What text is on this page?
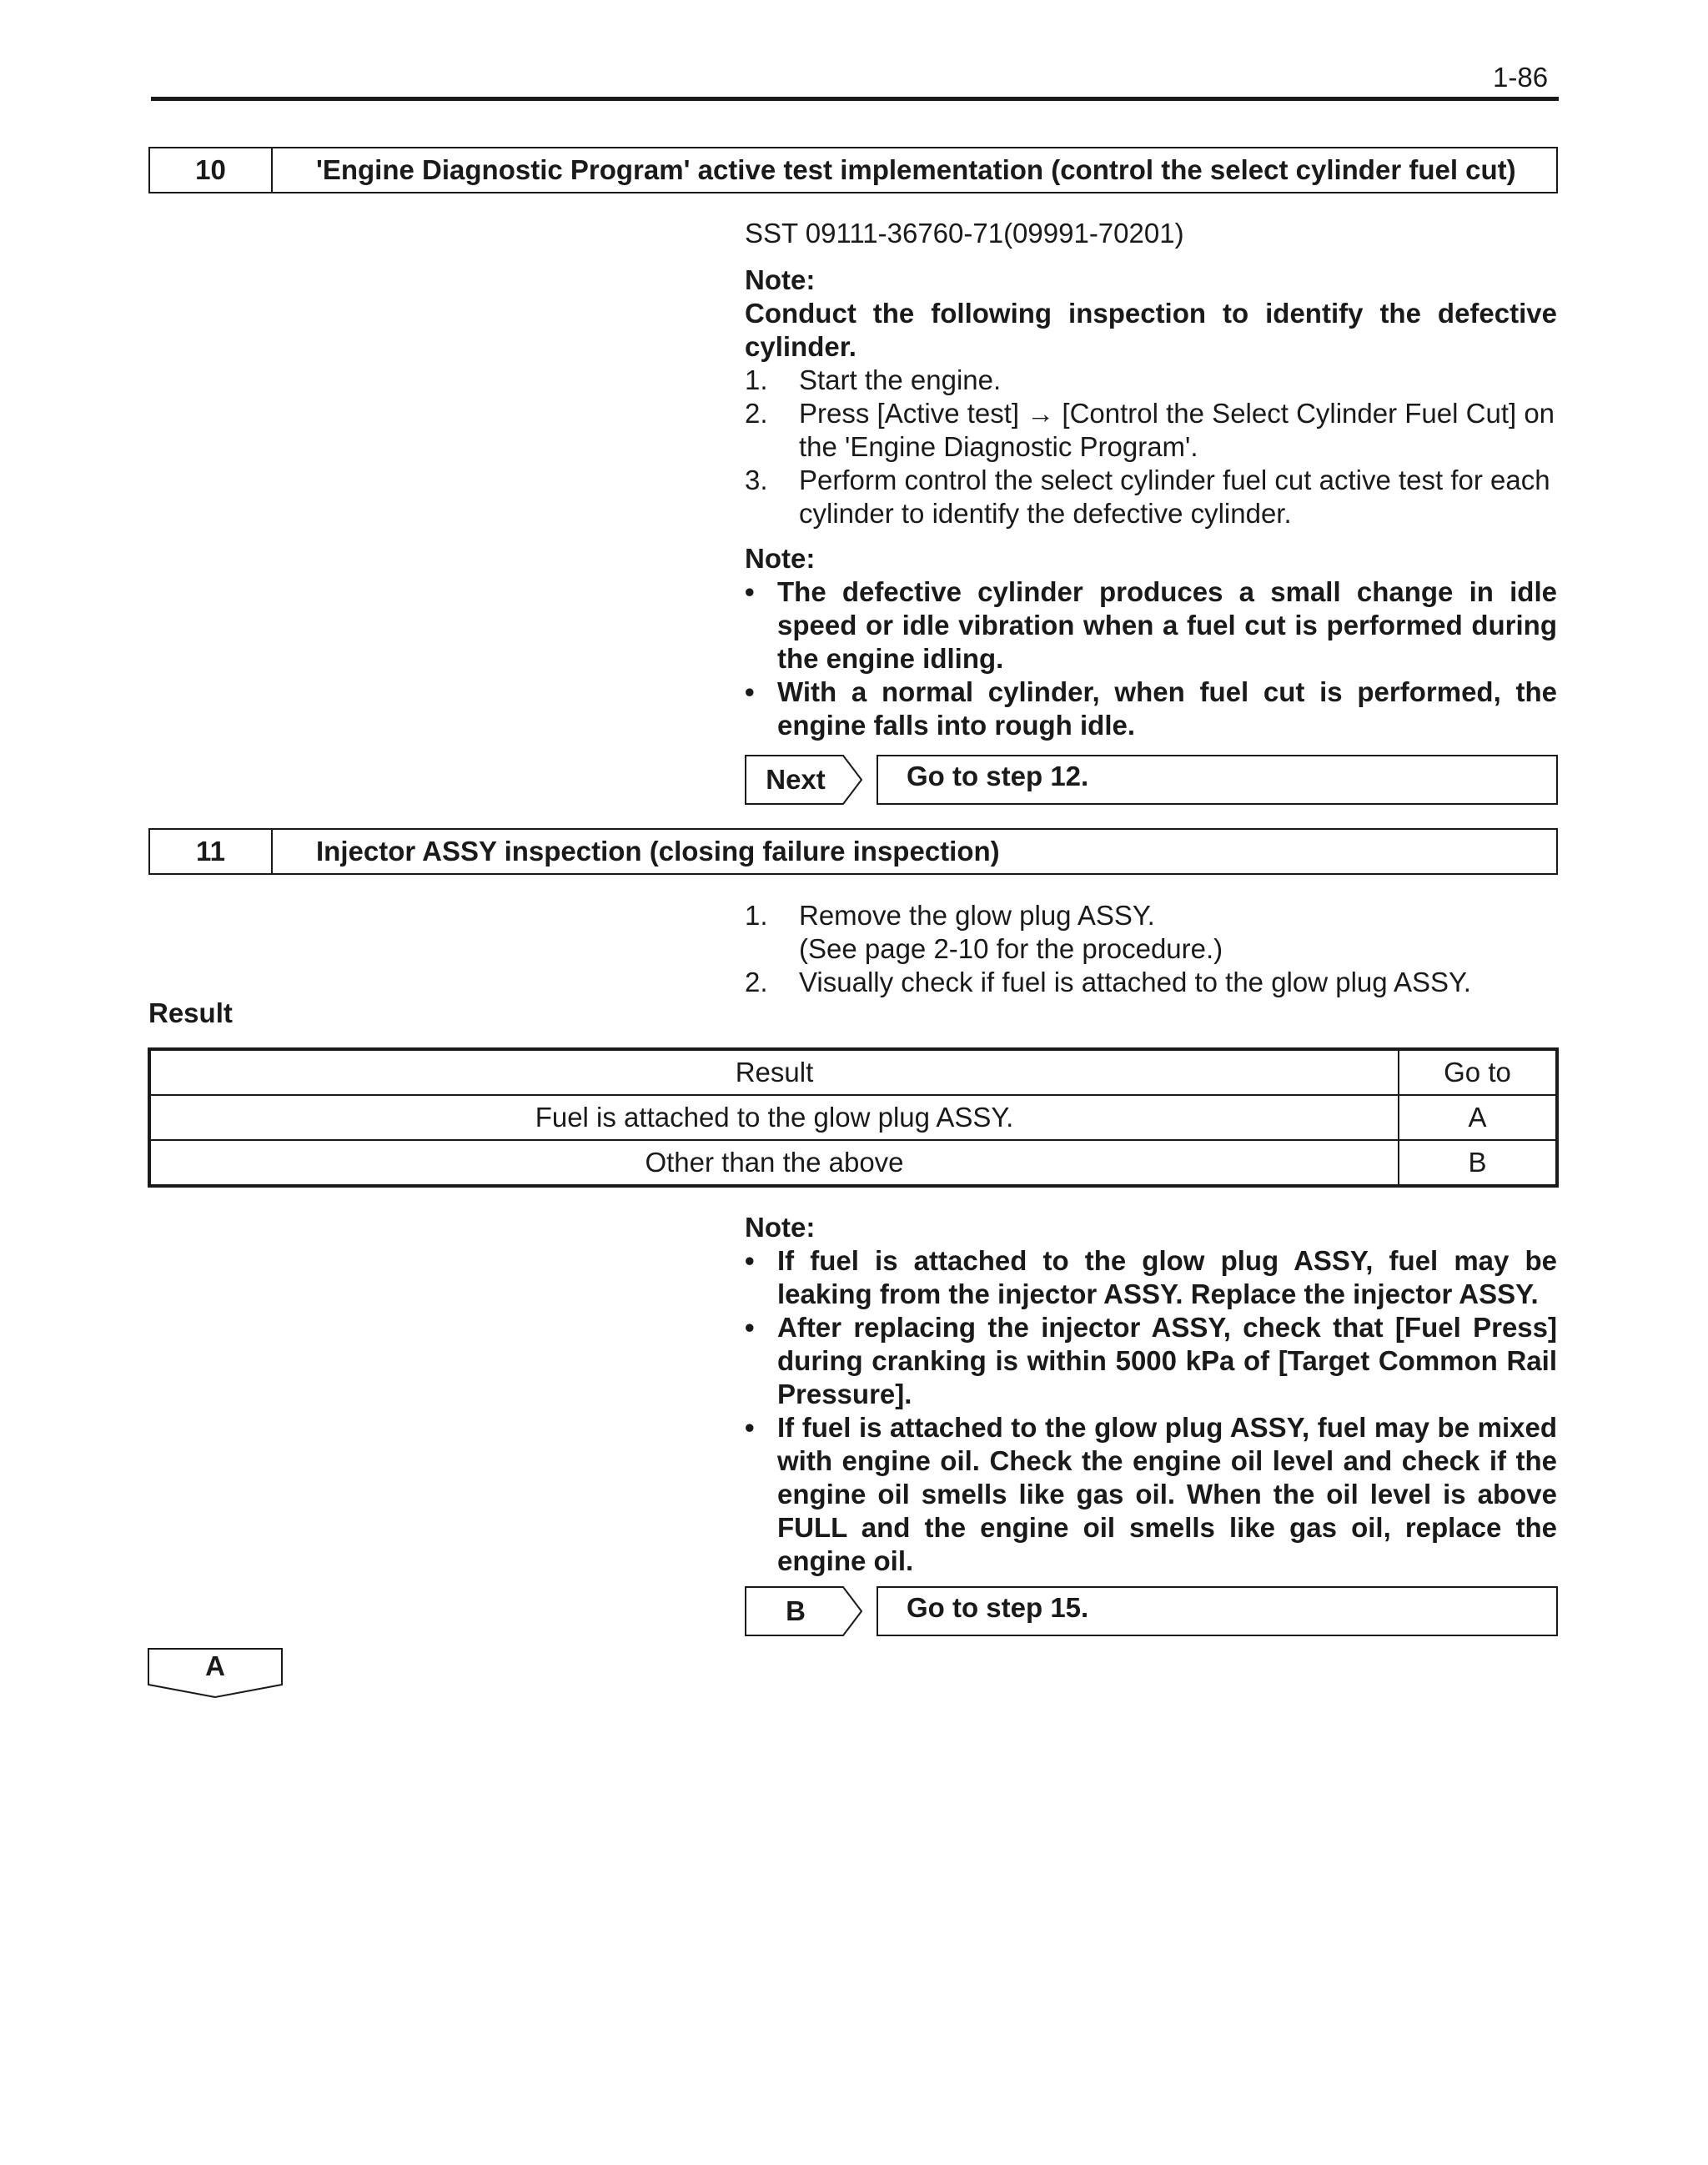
1-86
10	'Engine Diagnostic Program' active test implementation (control the select cylinder fuel cut)
SST 09111-36760-71(09991-70201)
Note:
Conduct the following inspection to identify the defective cylinder.
1.	Start the engine.
2.	Press [Active test] → [Control the Select Cylinder Fuel Cut] on the 'Engine Diagnostic Program'.
3.	Perform control the select cylinder fuel cut active test for each cylinder to identify the defective cylinder.
Note:
• The defective cylinder produces a small change in idle speed or idle vibration when a fuel cut is performed during the engine idling.
• With a normal cylinder, when fuel cut is performed, the engine falls into rough idle.
Next	Go to step 12.
11	Injector ASSY inspection (closing failure inspection)
1.	Remove the glow plug ASSY.
(See page 2-10 for the procedure.)
2.	Visually check if fuel is attached to the glow plug ASSY.
Result
Result	Go to
Fuel is attached to the glow plug ASSY.	A
Other than the above	B
Note:
• If fuel is attached to the glow plug ASSY, fuel may be leaking from the injector ASSY. Replace the injector ASSY.
• After replacing the injector ASSY, check that [Fuel Press] during cranking is within 5000 kPa of [Target Common Rail Pressure].
• If fuel is attached to the glow plug ASSY, fuel may be mixed with engine oil. Check the engine oil level and check if the engine oil smells like gas oil. When the oil level is above FULL and the engine oil smells like gas oil, replace the engine oil.
B	Go to step 15.
A
